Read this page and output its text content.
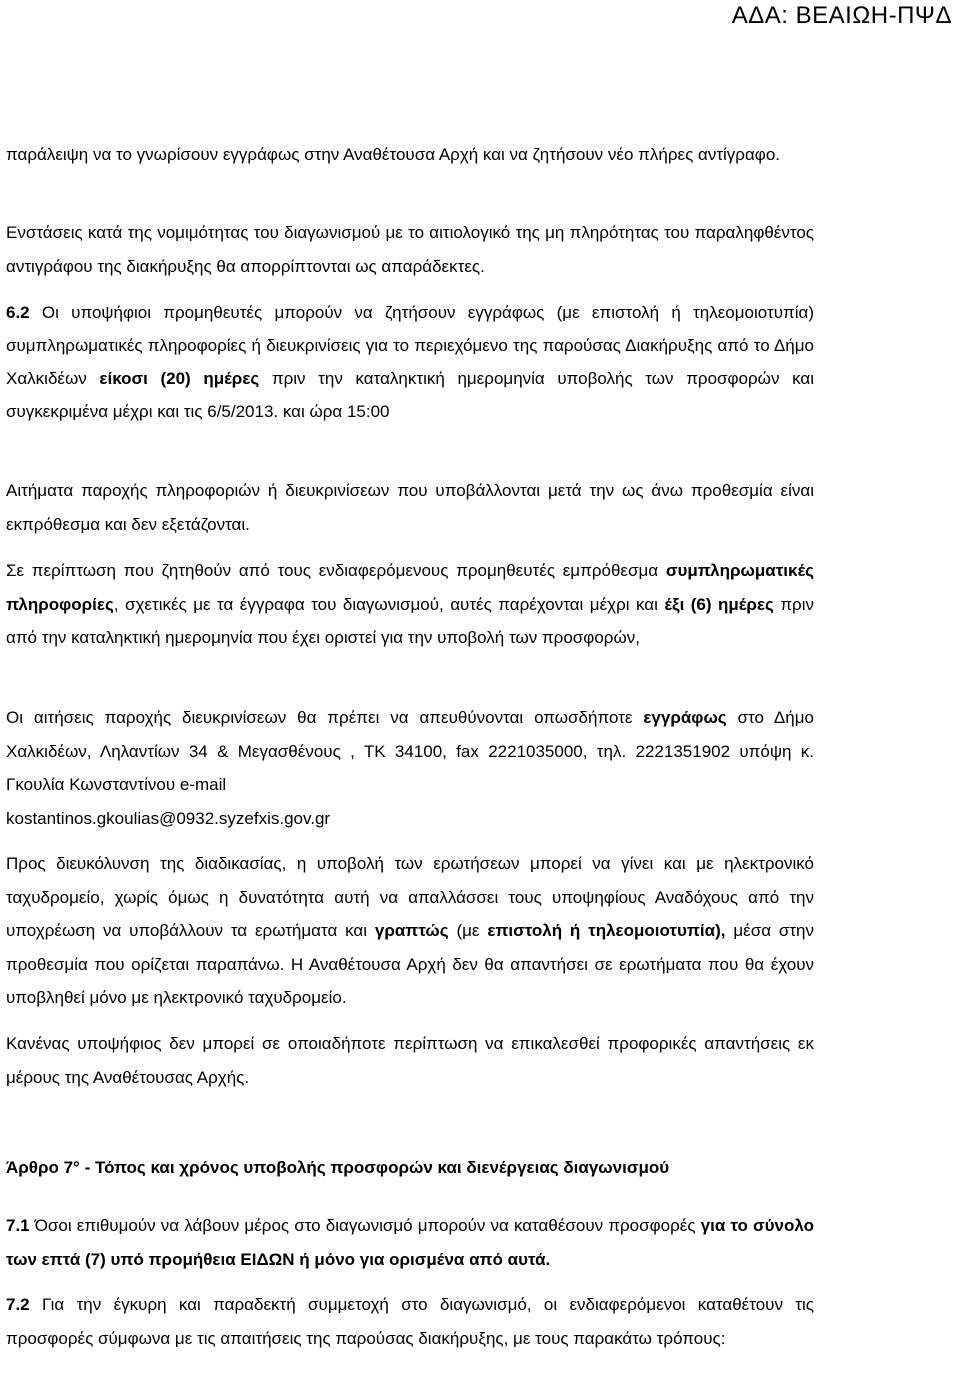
ΑΔΑ: ΒΕΑΙΩΗ-ΠΨΔ

παράλειψη να το γνωρίσουν εγγράφως στην Αναθέτουσα Αρχή και να ζητήσουν νέο πλήρες αντίγραφο.

Ενστάσεις κατά της νομιμότητας του διαγωνισμού με το αιτιολογικό της μη πληρότητας του παραληφθέντος αντιγράφου της διακήρυξης θα απορρίπτονται ως απαράδεκτες.

6.2 Οι υποψήφιοι προμηθευτές μπορούν να ζητήσουν εγγράφως (με επιστολή ή τηλεομοιοτυπία) συμπληρωματικές πληροφορίες ή διευκρινίσεις για το περιεχόμενο της παρούσας Διακήρυξης από το Δήμο Χαλκιδέων είκοσι (20) ημέρες πριν την καταληκτική ημερομηνία υποβολής των προσφορών και συγκεκριμένα μέχρι και τις 6/5/2013. και ώρα 15:00

Αιτήματα παροχής πληροφοριών ή διευκρινίσεων που υποβάλλονται μετά την ως άνω προθεσμία είναι εκπρόθεσμα και δεν εξετάζονται.

Σε περίπτωση που ζητηθούν από τους ενδιαφερόμενους προμηθευτές εμπρόθεσμα συμπληρωματικές πληροφορίες, σχετικές με τα έγγραφα του διαγωνισμού, αυτές παρέχονται μέχρι και έξι (6) ημέρες πριν από την καταληκτική ημερομηνία που έχει οριστεί για την υποβολή των προσφορών,

Οι αιτήσεις παροχής διευκρινίσεων θα πρέπει να απευθύνονται οπωσδήποτε εγγράφως στο Δήμο Χαλκιδέων, Ληλαντίων 34 & Μεγασθένους , ΤΚ 34100, fax 2221035000, τηλ. 2221351902 υπόψη κ. Γκουλία Κωνσταντίνου e-mail
kostantinos.gkoulias@0932.syzefxis.gov.gr

Προς διευκόλυνση της διαδικασίας, η υποβολή των ερωτήσεων μπορεί να γίνει και με ηλεκτρονικό ταχυδρομείο, χωρίς όμως η δυνατότητα αυτή να απαλλάσσει τους υποψηφίους Αναδόχους από την υποχρέωση να υποβάλλουν τα ερωτήματα και γραπτώς (με επιστολή ή τηλεομοιοτυπία), μέσα στην προθεσμία που ορίζεται παραπάνω. Η Αναθέτουσα Αρχή δεν θα απαντήσει σε ερωτήματα που θα έχουν υποβληθεί μόνο με ηλεκτρονικό ταχυδρομείο.

Κανένας υποψήφιος δεν μπορεί σε οποιαδήποτε περίπτωση να επικαλεσθεί προφορικές απαντήσεις εκ μέρους της Αναθέτουσας Αρχής.

Άρθρο 7° - Τόπος και χρόνος υποβολής προσφορών και διενέργειας διαγωνισμού

7.1 Όσοι επιθυμούν να λάβουν μέρος στο διαγωνισμό μπορούν να καταθέσουν προσφορές για το σύνολο των επτά (7) υπό προμήθεια ΕΙΔΩΝ ή μόνο για ορισμένα από αυτά.

7.2 Για την έγκυρη και παραδεκτή συμμετοχή στο διαγωνισμό, οι ενδιαφερόμενοι καταθέτουν τις προσφορές σύμφωνα με τις απαιτήσεις της παρούσας διακήρυξης, με τους παρακάτω τρόπους:
